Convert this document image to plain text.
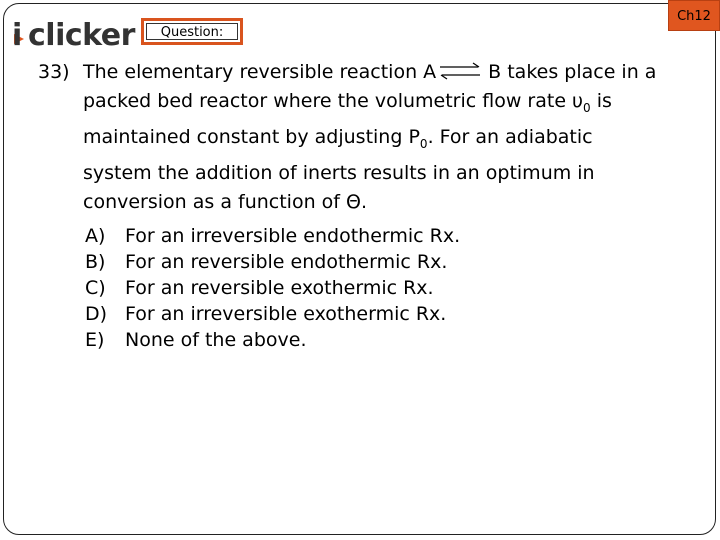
Ch12
i clicker	Question:
33) The elementary reversible reaction A ⇌ B takes place in a
packed bed reactor where the volumetric flow rate $\upsilon_0$ is
maintained constant by adjusting $P_0$. For an adiabatic
system the addition of inerts results in an optimum in
conversion as a function of Θ.
A)	For an irreversible endothermic Rx.
B)	For an reversible endothermic Rx.
C)	For an reversible exothermic Rx.
D) For an irreversible exothermic Rx.
E)	None of the above.
